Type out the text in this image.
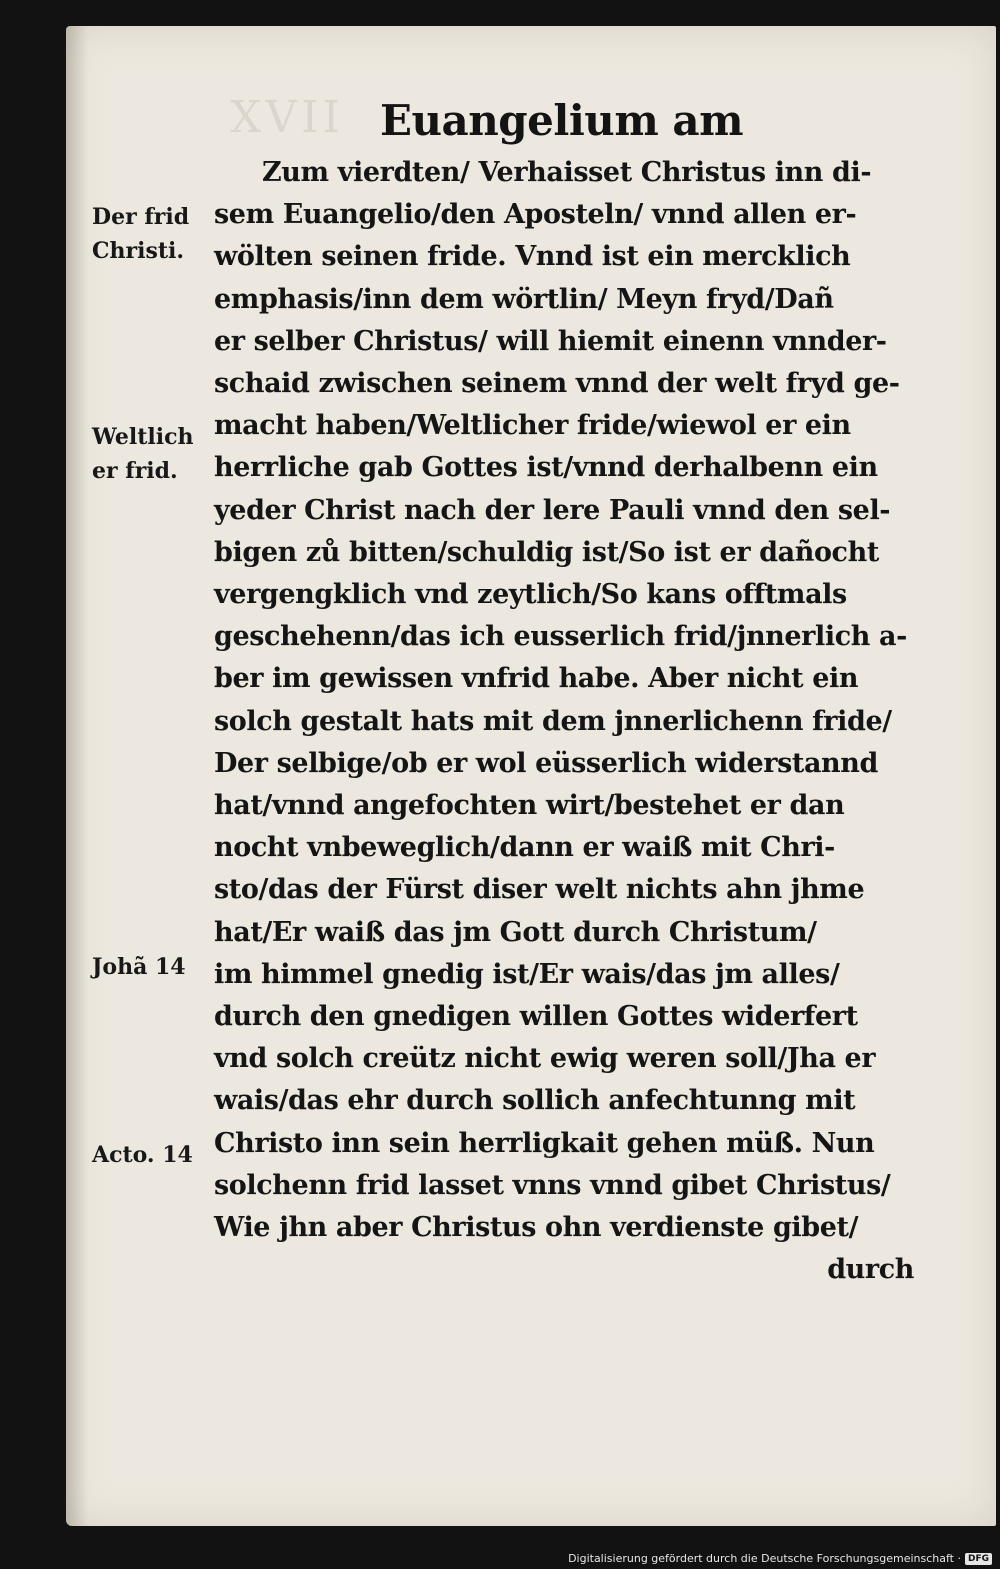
XVII Euangelium am
Zum vierdten/ Verhaisset Christus inn di-
sem Euangelio/den Aposteln/ vnnd allen er-
wölten seinen fride. Vnnd ist ein mercklich
emphasis/inn dem wörtlin/ Meyn fryd/Dañ
er selber Christus/ will hiemit einenn vnnder-
schaid zwischen seinem vnnd der welt fryd ge-
macht haben/Weltlicher fride/wiewol er ein
herrliche gab Gottes ist/vnnd derhalbenn ein
yeder Christ nach der lere Pauli vnnd den sel-
bigen zů bitten/schuldig ist/So ist er dañocht
vergengklich vnd zeytlich/So kans offtmals
geschehenn/das ich eusserlich frid/jnnerlich a-
ber im gewissen vnfrid habe. Aber nicht ein
solch gestalt hats mit dem jnnerlichenn fride/
Der selbige/ob er wol eüsserlich widerstannd
hat/vnnd angefochten wirt/bestehet er dan
nocht vnbeweglich/dann er waiß mit Chri-
sto/das der Fürst diser welt nichts ahn jhme
hat/Er waiß das jm Gott durch Christum/
im himmel gnedig ist/Er wais/das jm alles/
durch den gnedigen willen Gottes widerfert
vnd solch creütz nicht ewig weren soll/Jha er
wais/das ehr durch sollich anfechtunng mit
Christo inn sein herrligkait gehen müß. Nun
solchenn frid lasset vnns vnnd gibet Christus/
Wie jhn aber Christus ohn verdienste gibet/
durch
Der frid Christi.
Weltlich er frid.
Johã 14
Acto. 14
Digitalisierung gefördert durch die Deutsche Forschungsgemeinschaft · DFG
